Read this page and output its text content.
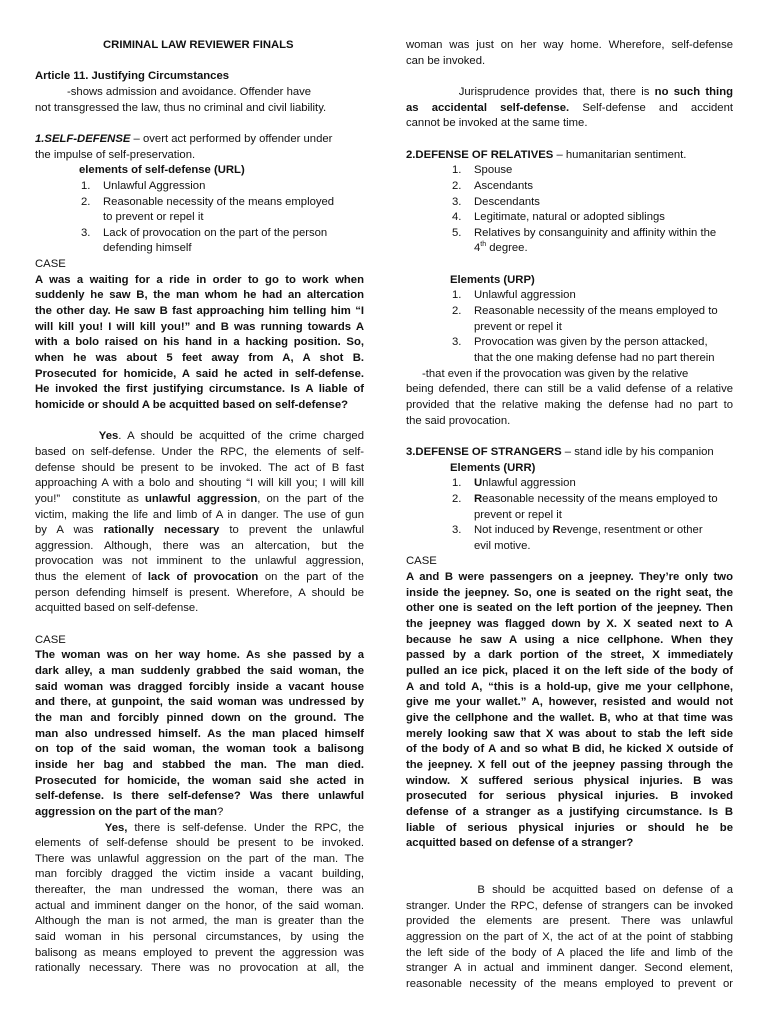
CRIMINAL LAW REVIEWER FINALS
Article 11. Justifying Circumstances
-shows admission and avoidance. Offender have
not transgressed the law, thus no criminal and civil liability.
1.SELF-DEFENSE – overt act performed by offender under
the impulse of self-preservation.
elements of self-defense (URL)
1.	Unlawful Aggression
2.	Reasonable necessity of the means employed
to prevent or repel it
3.	Lack of provocation on the part of the person
defending himself
CASE
A was a waiting for a ride in order to go to work when
suddenly he saw B, the man whom he had an altercation
the other day. He saw B fast approaching him telling him “I
will kill you! I will kill you!” and B was running towards A
with a bolo raised on his hand in a hacking position. So,
when he was about 5 feet away from A, A shot B.
Prosecuted for homicide, A said he acted in self-defense.
He invoked the first justifying circumstance. Is A liable of
homicide or should A be acquitted based on self-defense?
Yes. A should be acquitted of the crime charged
based on self-defense. Under the RPC, the elements of self-
defense should be present to be invoked. The act of B fast
approaching A with a bolo and shouting “I will kill you; I will kill
you!”  constitute as unlawful aggression, on the part of the
victim, making the life and limb of A in danger. The use of gun
by A was rationally necessary to prevent the unlawful
aggression. Although, there was an altercation, but the
provocation was not imminent to the unlawful aggression,
thus the element of lack of provocation on the part of the
person defending himself is present. Wherefore, A should be
acquitted based on self-defense.
CASE
The woman was on her way home. As she passed by a
dark alley, a man suddenly grabbed the said woman, the
said woman was dragged forcibly inside a vacant house
and there, at gunpoint, the said woman was undressed by
the man and forcibly pinned down on the ground. The
man also undressed himself. As the man placed himself
on top of the said woman, the woman took a balisong
inside her bag and stabbed the man. The man died.
Prosecuted for homicide, the woman said she acted in
self-defense. Is there self-defense? Was there unlawful
aggression on the part of the man?
Yes, there is self-defense. Under the RPC, the
elements of self-defense should be present to be invoked.
There was unlawful aggression on the part of the man. The
man forcibly dragged the victim inside a vacant building,
thereafter, the man undressed the woman, there was an
actual and imminent danger on the honor, of the said woman.
Although the man is not armed, the man is greater than the
said woman in his personal circumstances, by using the
balisong as means employed to prevent the aggression was
rationally necessary. There was no provocation at all, the
woman was just on her way home. Wherefore, self-defense
can be invoked.
Jurisprudence provides that, there is no such thing
as accidental self-defense. Self-defense and accident
cannot be invoked at the same time.
2.DEFENSE OF RELATIVES – humanitarian sentiment.
1.	Spouse
2.	Ascendants
3.	Descendants
4.	Legitimate, natural or adopted siblings
5.	Relatives by consanguinity and affinity within the
4th degree.
Elements (URP)
1.	Unlawful aggression
2.	Reasonable necessity of the means employed to
prevent or repel it
3.	Provocation was given by the person attacked,
that the one making defense had no part therein
-that even if the provocation was given by the relative
being defended, there can still be a valid defense of a relative
provided that the relative making the defense had no part to
the said provocation.
3.DEFENSE OF STRANGERS – stand idle by his companion
Elements (URR)
1.	Unlawful aggression
2.	Reasonable necessity of the means employed to
prevent or repel it
3.	Not induced by Revenge, resentment or other
evil motive.
CASE
A and B were passengers on a jeepney. They’re only two
inside the jeepney. So, one is seated on the right seat, the
other one is seated on the left portion of the jeepney. Then
the jeepney was flagged down by X. X seated next to A
because he saw A using a nice cellphone. When they
passed by a dark portion of the street, X immediately
pulled an ice pick, placed it on the left side of the body of
A and told A, “this is a hold-up, give me your cellphone,
give me your wallet.” A, however, resisted and would not
give the cellphone and the wallet. B, who at that time was
merely looking saw that X was about to stab the left side
of the body of A and so what B did, he kicked X outside of
the jeepney. X fell out of the jeepney passing through the
window. X suffered serious physical injuries. B was
prosecuted for serious physical injuries. B invoked
defense of a stranger as a justifying circumstance. Is B
liable of serious physical injuries or should he be
acquitted based on defense of a stranger?
B should be acquitted based on defense of a
stranger. Under the RPC, defense of strangers can be invoked
provided the elements are present. There was unlawful
aggression on the part of X, the act of at the point of stabbing
the left side of the body of A placed the life and limb of the
stranger A in actual and imminent danger. Second element,
reasonable necessity of the means employed to prevent or
